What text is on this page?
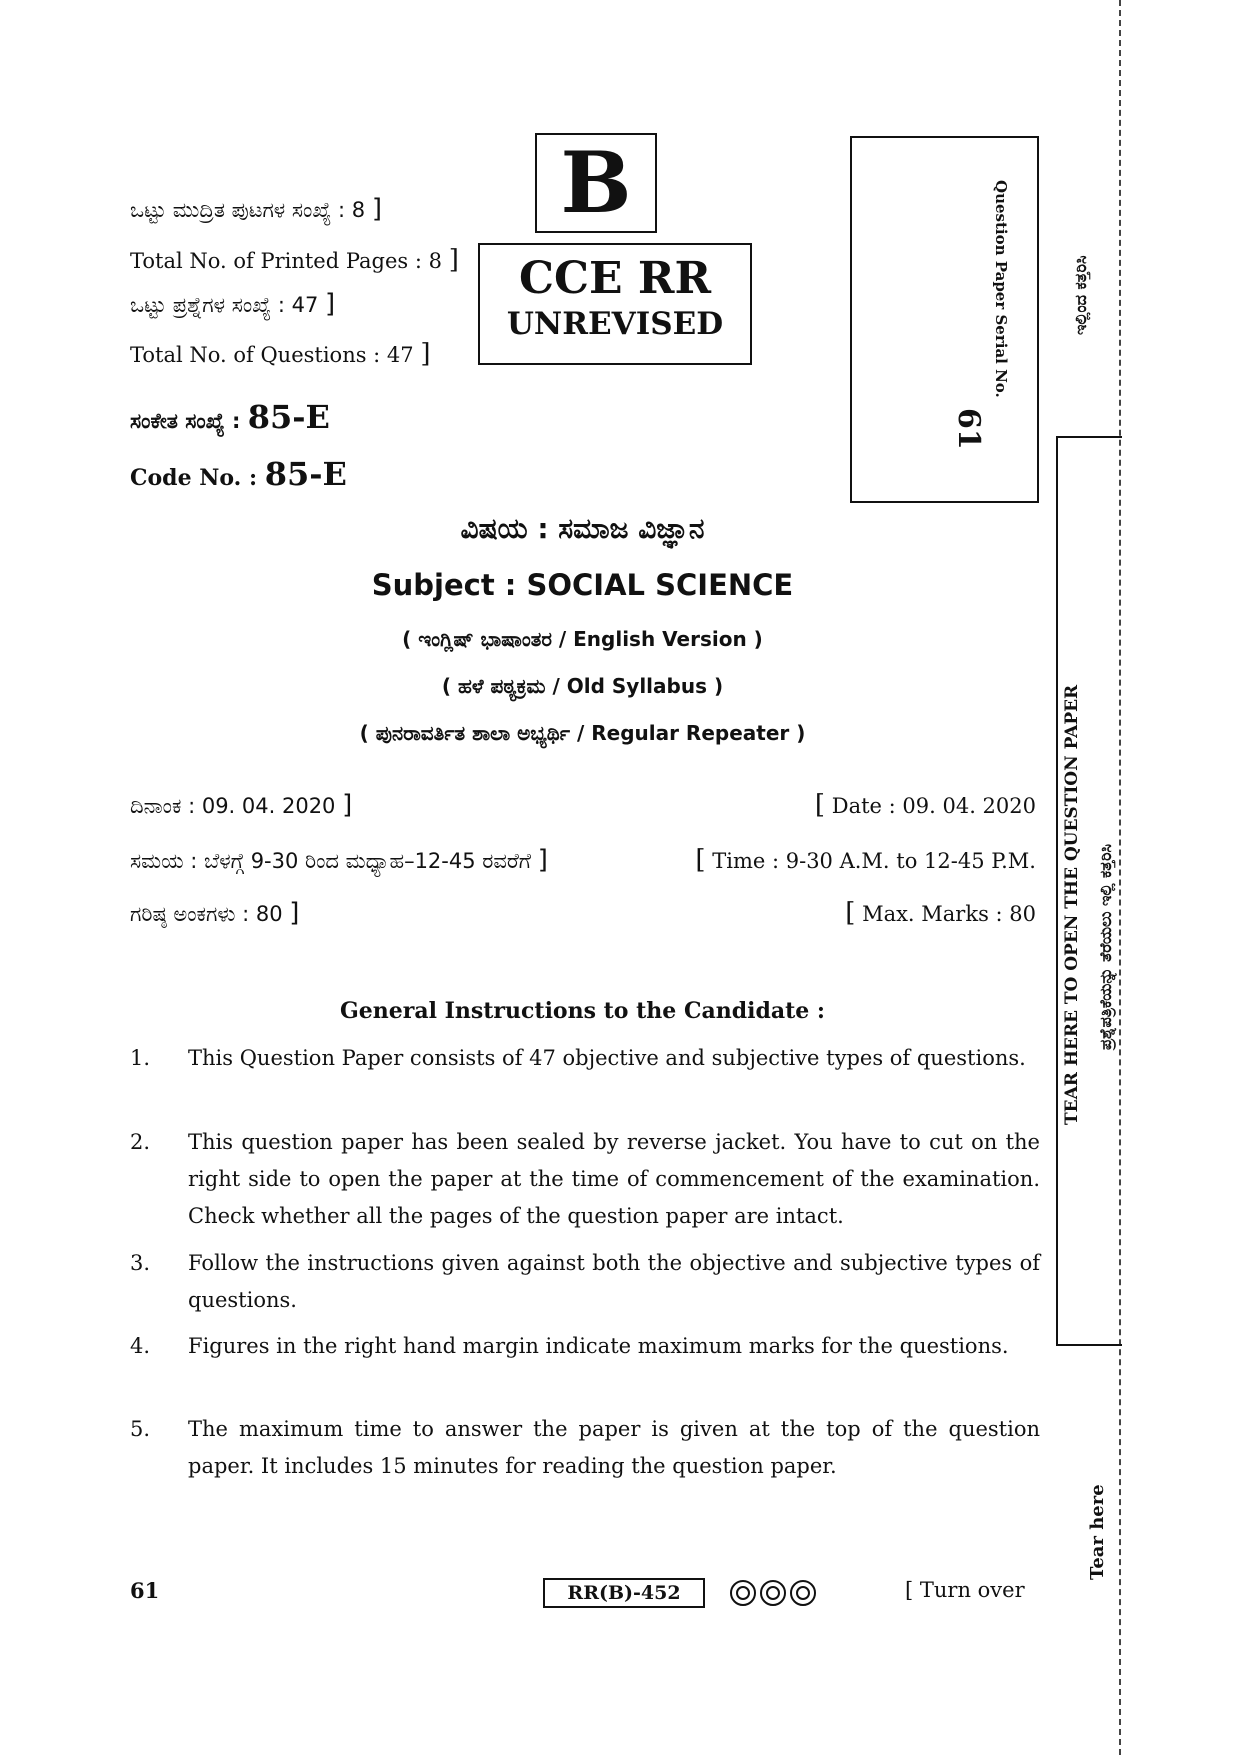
ಒಟ್ಟು ಮುದ್ರಿತ ಪುಟಗಳ ಸಂಖ್ಯೆ : 8 ]
Total No. of Printed Pages : 8 ]
ಒಟ್ಟು ಪ್ರಶ್ನೆಗಳ ಸಂಖ್ಯೆ : 47 ]
Total No. of Questions : 47 ]
ಸಂಕೇತ ಸಂಖ್ಯೆ : 85-E
Code No. : 85-E
B
CCE RR
UNREVISED	Question Paper Serial No.
61
ವಿಷಯ : ಸಮಾಜ ವಿಜ್ಞಾನ
Subject : SOCIAL SCIENCE
( ಇಂಗ್ಲಿಷ್ ಭಾಷಾಂತರ / English Version )
( ಹಳೆ ಪಠ್ಯಕ್ರಮ / Old Syllabus )
( ಪುನರಾವರ್ತಿತ ಶಾಲಾ ಅಭ್ಯರ್ಥಿ / Regular Repeater )
ದಿನಾಂಕ : 09. 04. 2020 ]	[ Date : 09. 04. 2020
ಸಮಯ : ಬೆಳಗ್ಗೆ 9-30 ರಿಂದ ಮಧ್ಯಾಹ–12-45 ರವರೆಗೆ ]	[ Time : 9-30 A.M. to 12-45 P.M.
ಗರಿಷ್ಠ ಅಂಕಗಳು : 80 ]	[ Max. Marks : 80
General Instructions to the Candidate :
1.	This Question Paper consists of 47 objective and subjective types of questions.
2.	This question paper has been sealed by reverse jacket. You have to cut on the right side to open the paper at the time of commencement of the examination. Check whether all the pages of the question paper are intact.
3.	Follow the instructions given against both the objective and subjective types of questions.
4.	Figures in the right hand margin indicate maximum marks for the questions.
5.	The maximum time to answer the paper is given at the top of the question paper. It includes 15 minutes for reading the question paper.
61	RR(B)-452	[ Turn over
ಇಲ್ಲಿಂದ ಕತ್ತರಿಸಿ
TEAR HERE TO OPEN THE QUESTION PAPER ಪ್ರಶ್ನೆಪತ್ರಿಕೆಯನ್ನು ತೆರೆಯಲು ಇಲ್ಲಿ ಕತ್ತರಿಸಿ
Tear here
